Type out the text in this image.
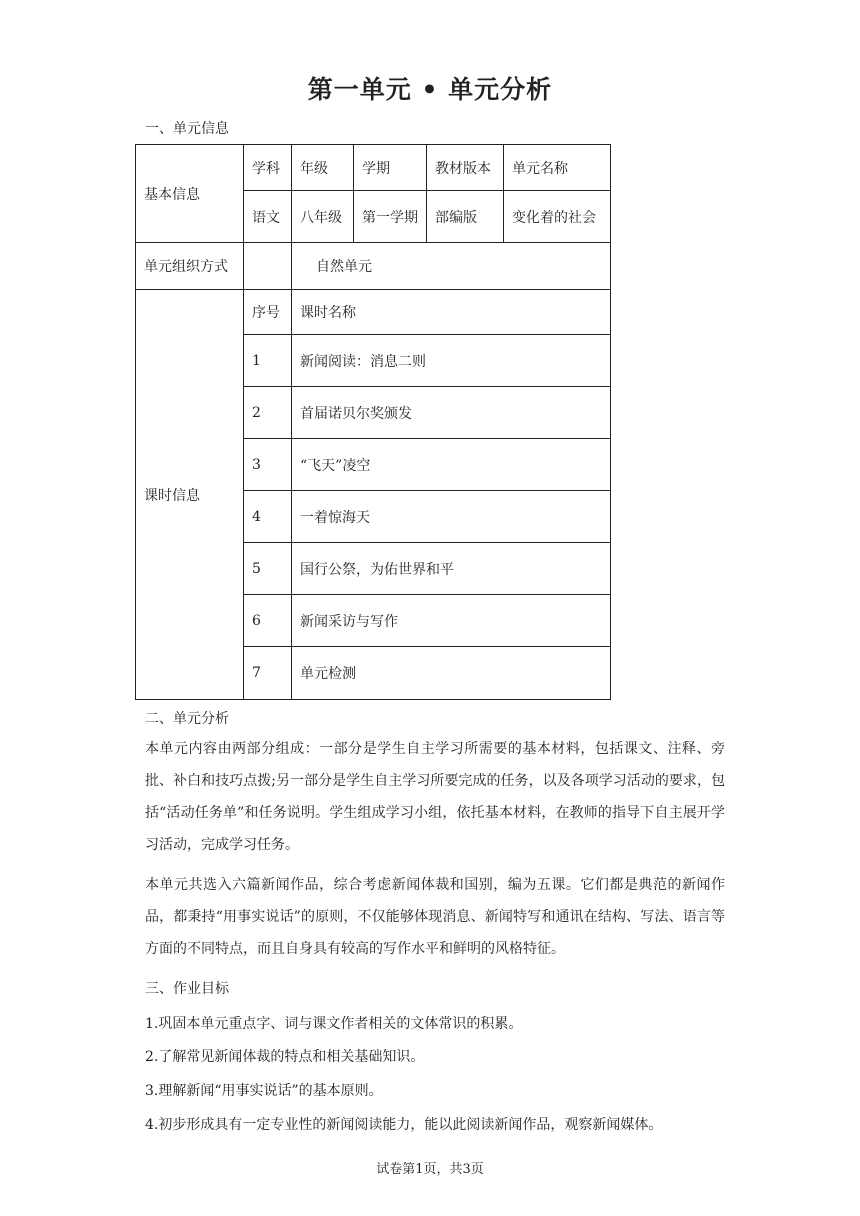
第一单元 • 单元分析
一、单元信息
基本信息	学科	年级	学期	教材版本	单元名称
	语文	八年级	第一学期	部编版	变化着的社会
单元组织方式		自然单元			
课时信息	序号	课时名称			
	1	新闻阅读：消息二则			
	2	首届诺贝尔奖颁发			
	3	“飞天”凌空			
	4	一着惊海天			
	5	国行公祭，为佑世界和平			
	6	新闻采访与写作			
	7	单元检测			
二、单元分析
本单元内容由两部分组成：一部分是学生自主学习所需要的基本材料，包括课文、注释、旁批、补白和技巧点拨;另一部分是学生自主学习所要完成的任务，以及各项学习活动的要求，包括“活动任务单”和任务说明。学生组成学习小组，依托基本材料，在教师的指导下自主展开学习活动，完成学习任务。
本单元共选入六篇新闻作品，综合考虑新闻体裁和国别，编为五课。它们都是典范的新闻作品，都秉持“用事实说话”的原则，不仅能够体现消息、新闻特写和通讯在结构、写法、语言等方面的不同特点，而且自身具有较高的写作水平和鲜明的风格特征。
三、作业目标
1.巩固本单元重点字、词与课文作者相关的文体常识的积累。
2.了解常见新闻体裁的特点和相关基础知识。
3.理解新闻“用事实说话”的基本原则。
4.初步形成具有一定专业性的新闻阅读能力，能以此阅读新闻作品，观察新闻媒体。
试卷第1页，共3页
